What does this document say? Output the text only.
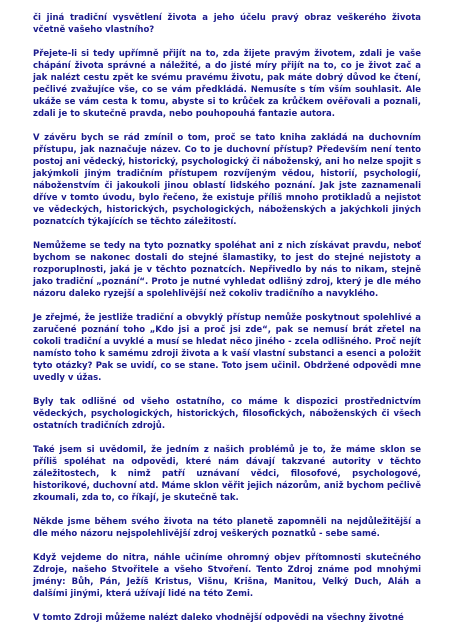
či jiná tradiční vysvětlení života a jeho účelu pravý obraz veškerého života včetně vašeho vlastního?

Přejete-li si tedy upřímně přijít na to, zda žijete pravým životem, zdali je vaše chápání života správné a náležité, a do jisté míry přijít na to, co je život zač a jak nalézt cestu zpět ke svému pravému životu, pak máte dobrý důvod ke čtení, pečlivé zvažujíce vše, co se vám předkládá. Nemusíte s tím vším souhlasit. Ale ukáže se vám cesta k tomu, abyste si to krůček za krůčkem ověřovali a poznali, zdali je to skutečně pravda, nebo pouhopouhá fantazie autora.

V závěru bych se rád zmínil o tom, proč se tato kniha zakládá na duchovním přístupu, jak naznačuje název. Co to je duchovní přístup? Především není tento postoj ani vědecký, historický, psychologický či náboženský, ani ho nelze spojit s jakýmkoli jiným tradičním přístupem rozvíjeným vědou, historií, psychologií, náboženstvím či jakoukoli jinou oblastí lidského poznání. Jak jste zaznamenali dříve v tomto úvodu, bylo řečeno, že existuje příliš mnoho protikladů a nejistot ve vědeckých, historických, psychologických, náboženských a jakýchkoli jiných poznatcích týkajících se těchto záležitostí.

Nemůžeme se tedy na tyto poznatky spoléhat ani z nich získávat pravdu, neboť bychom se nakonec dostali do stejné šlamastiky, to jest do stejné nejistoty a rozporuplnosti, jaká je v těchto poznatcích. Nepřivedlo by nás to nikam, stejně jako tradiční „poznání“. Proto je nutné vyhledat odlišný zdroj, který je dle mého názoru daleko ryzejší a spolehlivější než cokoliv tradičního a navyklého.

Je zřejmé, že jestliže tradiční a obvyklý přístup nemůže poskytnout spolehlivé a zaručené poznání toho „Kdo jsi a proč jsi zde“, pak se nemusí brát zřetel na cokoli tradiční a uvyklé a musí se hledat něco jiného - zcela odlišného. Proč nejít namísto toho k samému zdroji života a k vaší vlastní substanci a esenci a položit tyto otázky? Pak se uvidí, co se stane. Toto jsem učinil. Obdržené odpovědi mne uvedly v úžas.

Byly tak odlišné od všeho ostatního, co máme k dispozici prostřednictvím vědeckých, psychologických, historických, filosofických, náboženských či všech ostatních tradičních zdrojů.

Také jsem si uvědomil, že jedním z našich problémů je to, že máme sklon se příliš spoléhat na odpovědi, které nám dávají takzvané autority v těchto záležitostech, k nimž patří uznávaní vědci, filosofové, psychologové, historikové, duchovní atd. Máme sklon věřit jejich názorům, aniž bychom pečlivě zkoumali, zda to, co říkají, je skutečně tak.

Někde jsme během svého života na této planetě zapomněli na nejdůležitější a dle mého názoru nejspolehlivější zdroj veškerých poznatků - sebe samé.

Když vejdeme do nitra, náhle učiníme ohromný objev přítomnosti skutečného Zdroje, našeho Stvořitele a všeho Stvoření. Tento Zdroj známe pod mnohými jmény: Bůh, Pán, Ježíš Kristus, Višnu, Krišna, Manitou, Velký Duch, Aláh a dalšími jinými, která užívají lidé na této Zemi.

V tomto Zdroji můžeme nalézt daleko vhodnější odpovědi na všechny životné
